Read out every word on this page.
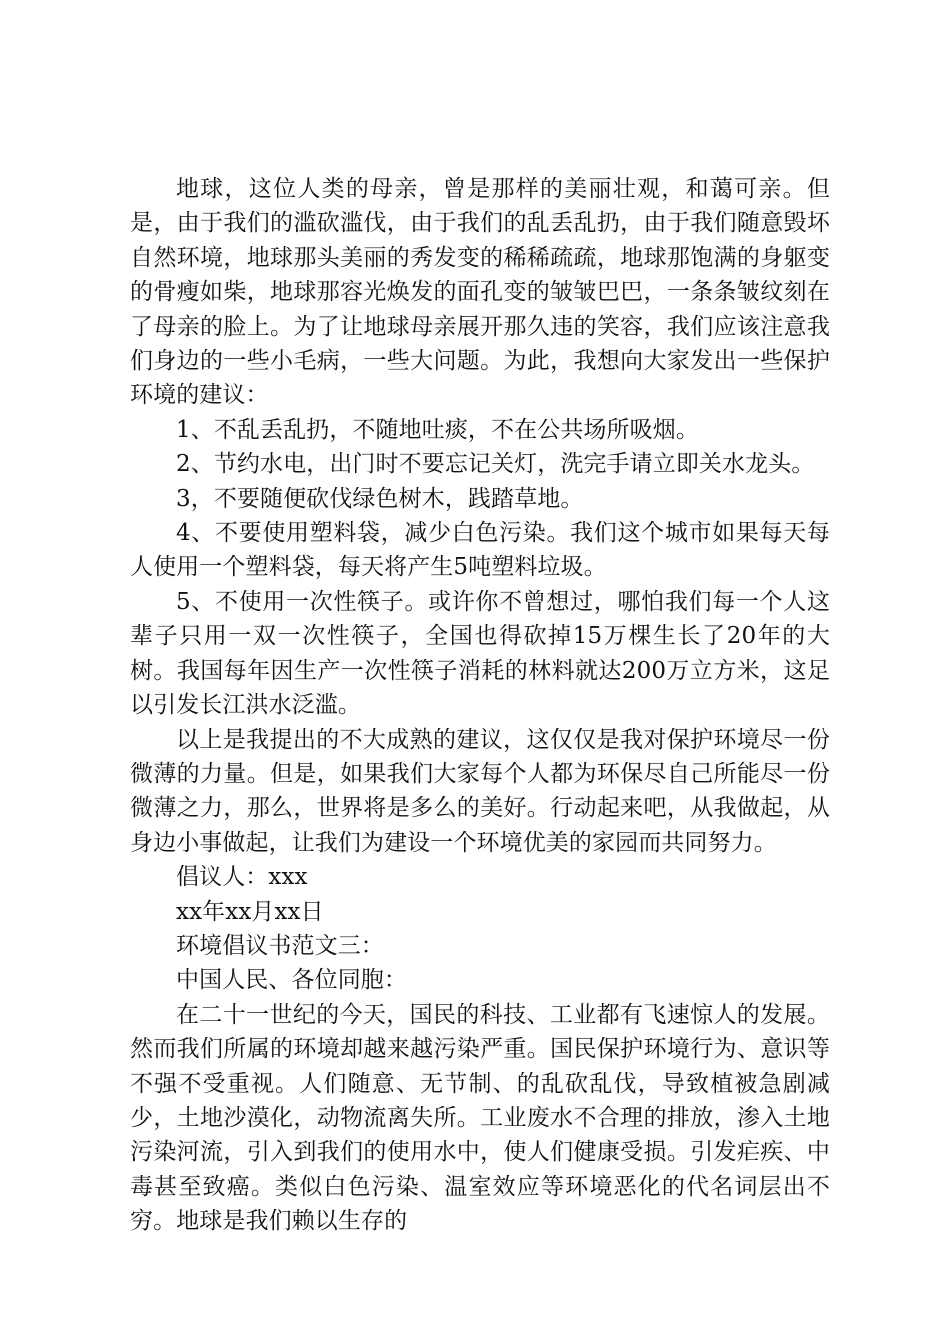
地球，这位人类的母亲，曾是那样的美丽壮观，和蔼可亲。但是，由于我们的滥砍滥伐，由于我们的乱丢乱扔，由于我们随意毁坏自然环境，地球那头美丽的秀发变的稀稀疏疏，地球那饱满的身躯变的骨瘦如柴，地球那容光焕发的面孔变的皱皱巴巴，一条条皱纹刻在了母亲的脸上。为了让地球母亲展开那久违的笑容，我们应该注意我们身边的一些小毛病，一些大问题。为此，我想向大家发出一些保护环境的建议：

1、不乱丢乱扔，不随地吐痰，不在公共场所吸烟。

2、节约水电，出门时不要忘记关灯，洗完手请立即关水龙头。

3，不要随便砍伐绿色树木，践踏草地。

4、不要使用塑料袋，减少白色污染。我们这个城市如果每天每人使用一个塑料袋，每天将产生5吨塑料垃圾。

5、不使用一次性筷子。或许你不曾想过，哪怕我们每一个人这辈子只用一双一次性筷子，全国也得砍掉15万棵生长了20年的大树。我国每年因生产一次性筷子消耗的林料就达200万立方米，这足以引发长江洪水泛滥。

以上是我提出的不大成熟的建议，这仅仅是我对保护环境尽一份微薄的力量。但是，如果我们大家每个人都为环保尽自己所能尽一份微薄之力，那么，世界将是多么的美好。行动起来吧，从我做起，从身边小事做起，让我们为建设一个环境优美的家园而共同努力。

倡议人：xxx

xx年xx月xx日

环境倡议书范文三：

中国人民、各位同胞：

在二十一世纪的今天，国民的科技、工业都有飞速惊人的发展。然而我们所属的环境却越来越污染严重。国民保护环境行为、意识等不强不受重视。人们随意、无节制、的乱砍乱伐，导致植被急剧减少，土地沙漠化，动物流离失所。工业废水不合理的排放，渗入土地污染河流，引入到我们的使用水中，使人们健康受损。引发疟疾、中毒甚至致癌。类似白色污染、温室效应等环境恶化的代名词层出不穷。地球是我们赖以生存的
